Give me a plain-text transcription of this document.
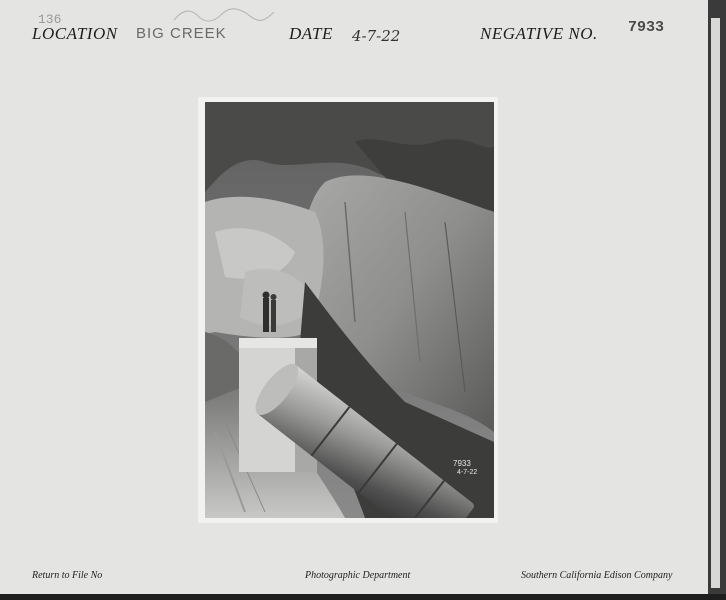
136
LOCATION BIG CREEK	DATE 4-7-22	NEGATIVE NO. 7933
7933
4-7-22
Return to File No	Photographic Department	Southern California Edison Company
